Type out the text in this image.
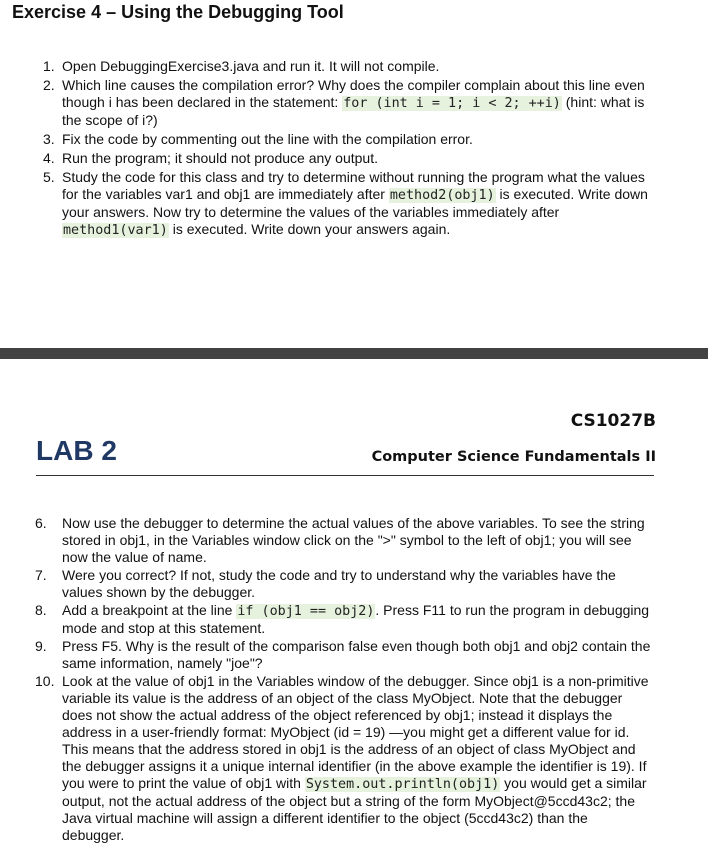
Exercise 4 – Using the Debugging Tool
1. Open DebuggingExercise3.java and run it. It will not compile.
2. Which line causes the compilation error? Why does the compiler complain about this line even though i has been declared in the statement: for (int i = 1; i < 2; ++i) (hint: what is the scope of i?)
3. Fix the code by commenting out the line with the compilation error.
4. Run the program; it should not produce any output.
5. Study the code for this class and try to determine without running the program what the values for the variables var1 and obj1 are immediately after method2(obj1) is executed. Write down your answers. Now try to determine the values of the variables immediately after method1(var1) is executed. Write down your answers again.
CS1027B
LAB 2	Computer Science Fundamentals II
6. Now use the debugger to determine the actual values of the above variables. To see the string stored in obj1, in the Variables window click on the ">" symbol to the left of obj1; you will see now the value of name.
7. Were you correct? If not, study the code and try to understand why the variables have the values shown by the debugger.
8. Add a breakpoint at the line if (obj1 == obj2). Press F11 to run the program in debugging mode and stop at this statement.
9. Press F5. Why is the result of the comparison false even though both obj1 and obj2 contain the same information, namely "joe"?
10. Look at the value of obj1 in the Variables window of the debugger. Since obj1 is a non-primitive variable its value is the address of an object of the class MyObject. Note that the debugger does not show the actual address of the object referenced by obj1; instead it displays the address in a user-friendly format: MyObject (id = 19) —you might get a different value for id. This means that the address stored in obj1 is the address of an object of class MyObject and the debugger assigns it a unique internal identifier (in the above example the identifier is 19). If you were to print the value of obj1 with System.out.println(obj1) you would get a similar output, not the actual address of the object but a string of the form MyObject@5ccd43c2; the Java virtual machine will assign a different identifier to the object (5ccd43c2) than the debugger.
